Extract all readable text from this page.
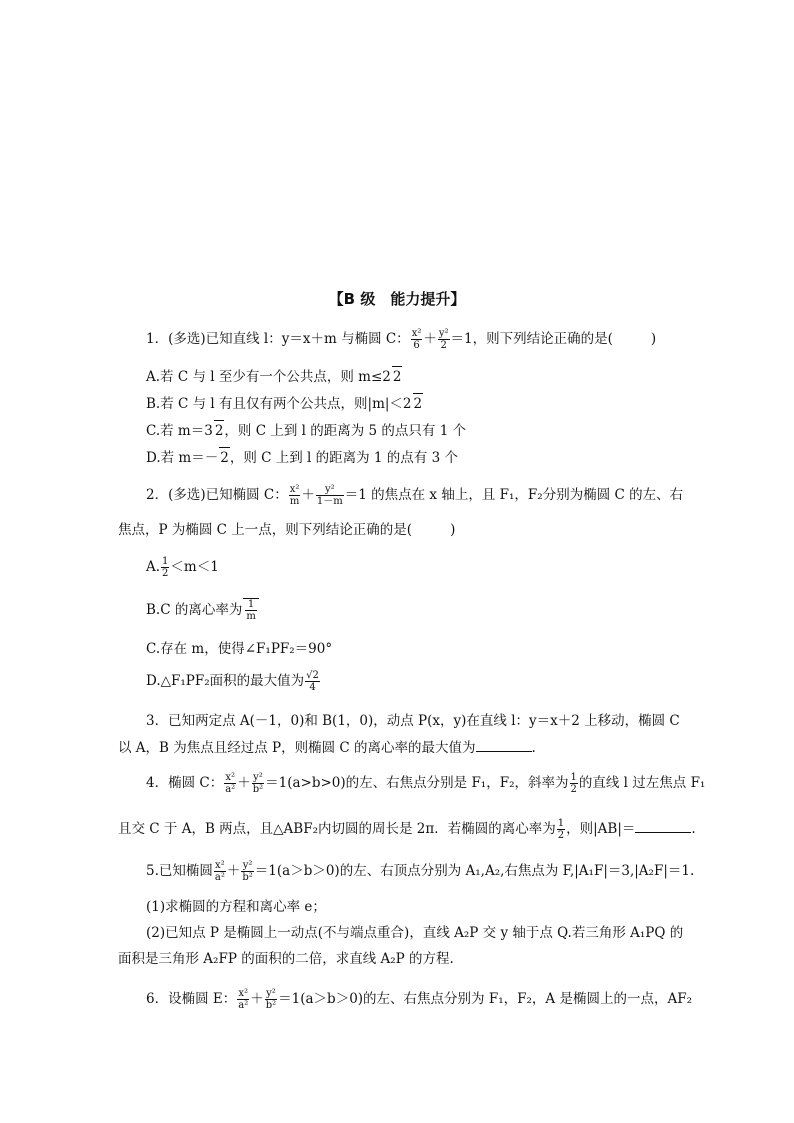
【B 级　能力提升】
1．(多选)已知直线 l：y＝x＋m 与椭圆 C： $\frac{\text{x²}}{6} + \frac{\text{y²}}{2} =1$，则下列结论正确的是(	)
A.若 C 与 l 至少有一个公共点，则 m≤2 2
B.若 C 与 l 有且仅有两个公共点，则|m|＜2 2
C.若 m＝3 2，则 C 上到 l 的距离为 5 的点只有 1 个
D.若 m＝－ 2，则 C 上到 l 的距离为 1 的点有 3 个
2．(多选)已知椭圆 C： $\frac{\text{x²}}{m} + \frac{\text{y²}}{1-m} =1$ 的焦点在 x 轴上，且 F₁，F₂分别为椭圆 C 的左、右
焦点，P 为椭圆 C 上一点，则下列结论正确的是(	)
A. $\frac{1}{2} <m<1$
B.C 的离心率为 $\frac{1}{m}$
C.存在 m，使得∠F₁PF₂＝90°
D.△F₁PF₂面积的最大值为 $\frac{√2}{4}$
3．已知两定点 A(－1，0)和 B(1，0)，动点 P(x，y)在直线 l：y＝x＋2 上移动，椭圆 C
以 A，B 为焦点且经过点 P，则椭圆 C 的离心率的最大值为	.
4．椭圆 C： $\frac{\text{x²}}{\text{a²}} + \frac{\text{y²}}{\text{b²}} =1(a>b>0)$的左、右焦点分别是 F₁，F₂，斜率为 $\frac{1}{2}$ 的直线 l 过左焦点 F₁
且交 C 于 A，B 两点，且△ABF₂内切圆的周长是 2π．若椭圆的离心率为 $\frac{1}{2}$ ，则|AB|＝	.
5.已知椭圆 $\frac{\text{x²}}{\text{a²}} + \frac{\text{y²}}{\text{b²}} =1(a>b>0)$的左、右顶点分别为 A₁,A₂,右焦点为 F,|A₁F|＝3,|A₂F|＝1.
(1)求椭圆的方程和离心率 e；
(2)已知点 P 是椭圆上一动点(不与端点重合)，直线 A₂P 交 y 轴于点 Q.若三角形 A₁PQ 的
面积是三角形 A₂FP 的面积的二倍，求直线 A₂P 的方程.
6．设椭圆 E： $\frac{\text{x²}}{\text{a²}} + \frac{\text{y²}}{\text{b²}} =1(a>b>0)$的左、右焦点分别为 F₁，F₂，A 是椭圆上的一点，AF₂
